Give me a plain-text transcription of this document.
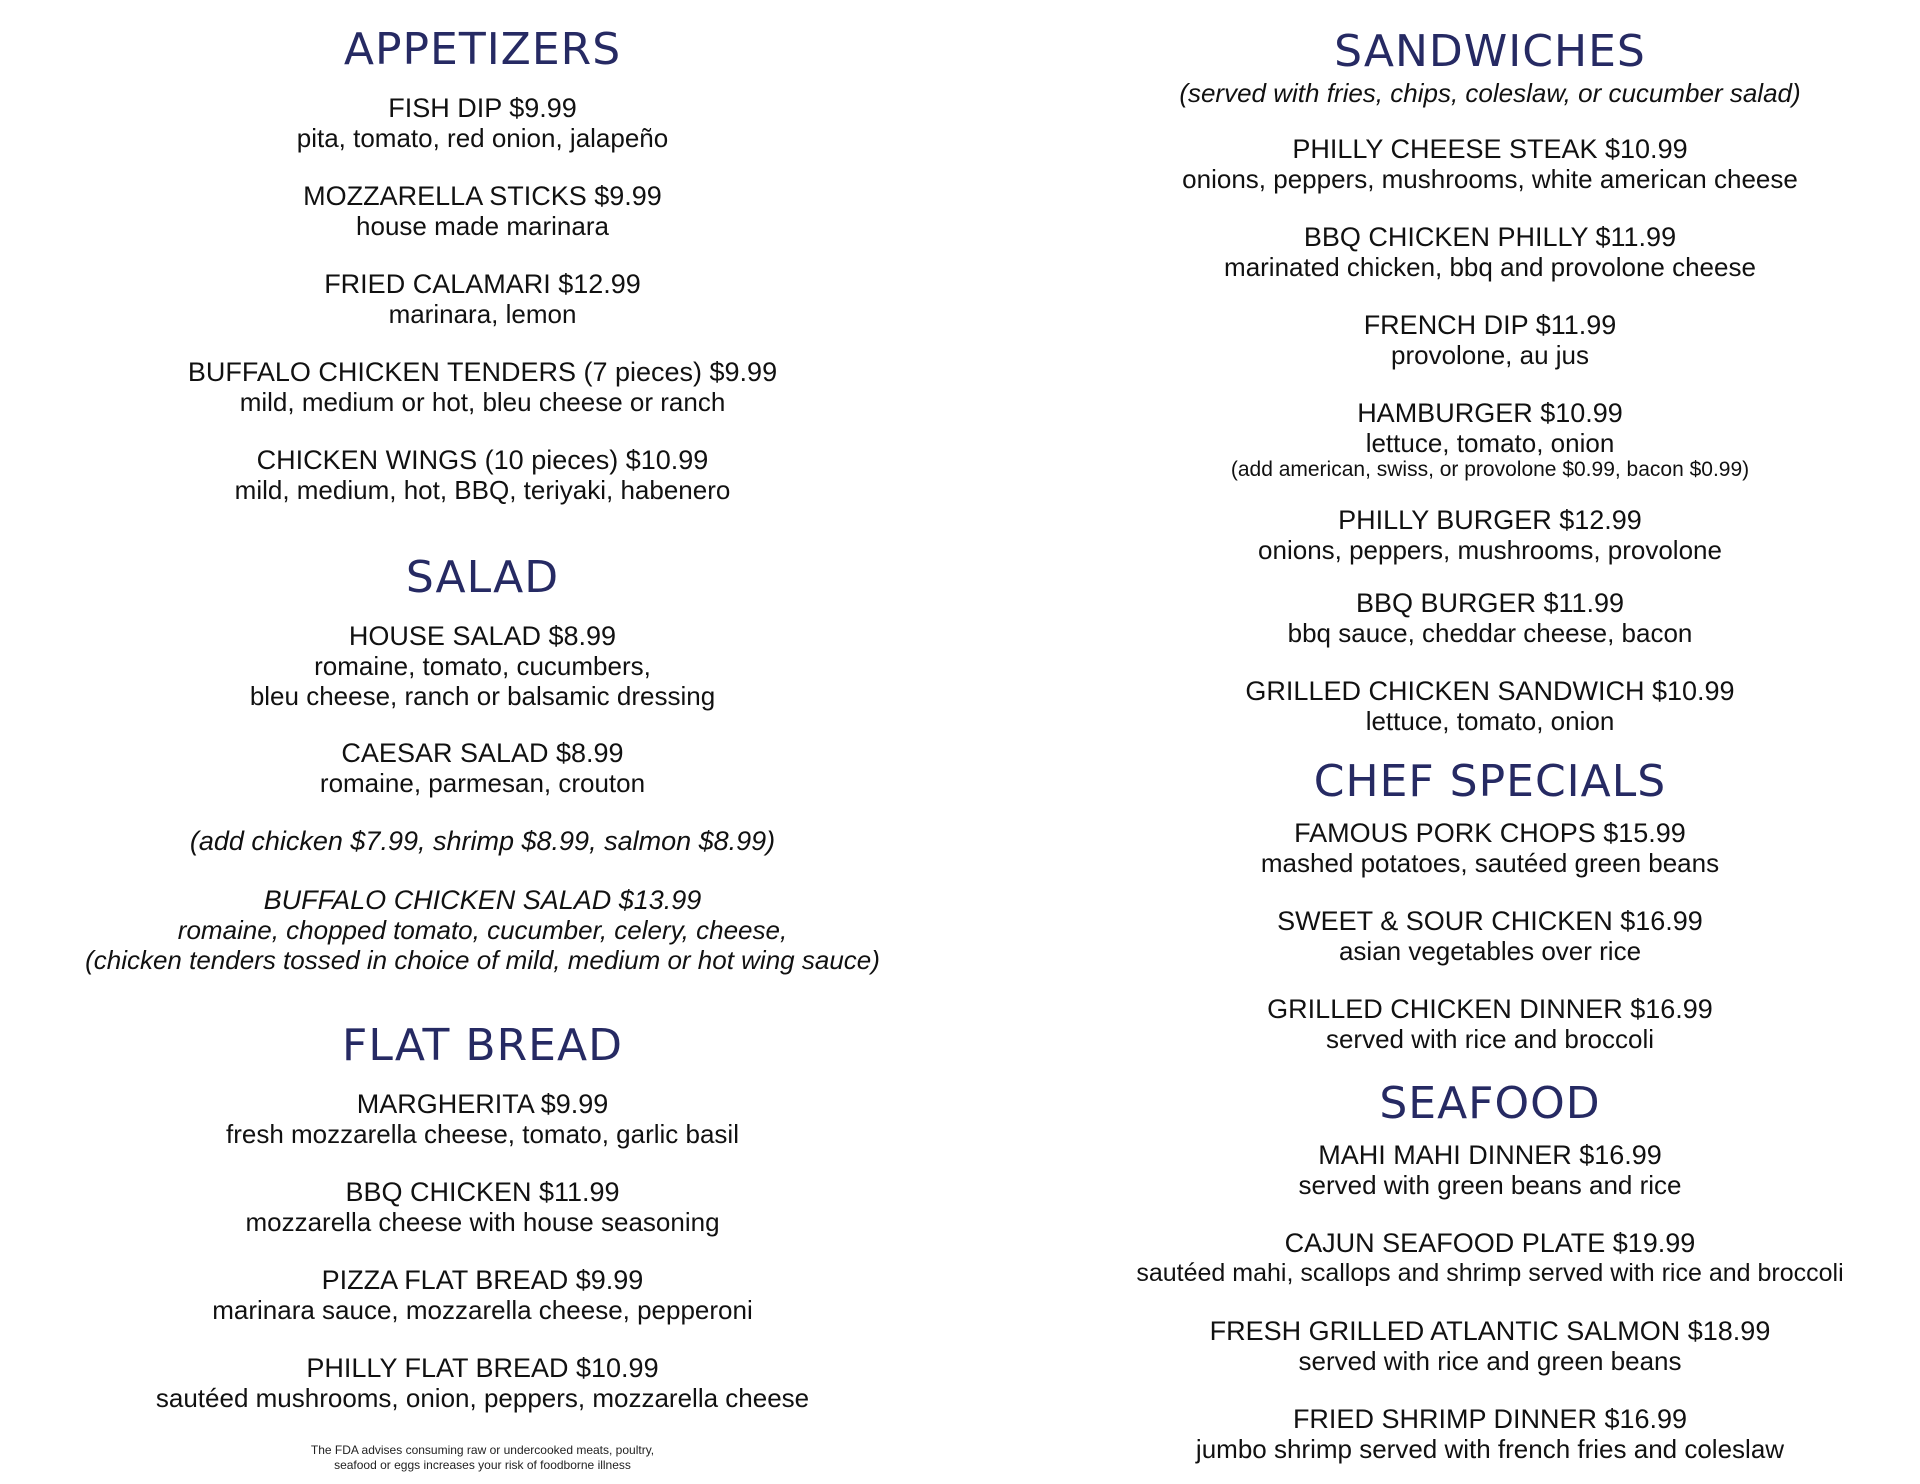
APPETIZERS
FISH DIP $9.99
pita, tomato, red onion, jalapeño
MOZZARELLA STICKS $9.99
house made marinara
FRIED CALAMARI $12.99
marinara, lemon
BUFFALO CHICKEN TENDERS (7 pieces) $9.99
mild, medium or hot, bleu cheese or ranch
CHICKEN WINGS (10 pieces) $10.99
mild, medium, hot, BBQ, teriyaki, habenero
SALAD
HOUSE SALAD $8.99
romaine, tomato, cucumbers,
bleu cheese, ranch or balsamic dressing
CAESAR SALAD $8.99
romaine, parmesan, crouton

(add chicken $7.99, shrimp $8.99, salmon $8.99)

BUFFALO CHICKEN SALAD $13.99
romaine, chopped tomato, cucumber, celery, cheese,
(chicken tenders tossed in choice of mild, medium or hot wing sauce)
FLAT BREAD
MARGHERITA $9.99
fresh mozzarella cheese, tomato, garlic basil
BBQ CHICKEN $11.99
mozzarella cheese with house seasoning
PIZZA FLAT BREAD $9.99
marinara sauce, mozzarella cheese, pepperoni
PHILLY FLAT BREAD $10.99
sautéed mushrooms, onion, peppers, mozzarella cheese

The FDA advises consuming raw or undercooked meats, poultry,

seafood or eggs increases your risk of foodborne illness

SANDWICHES

(served with fries, chips, coleslaw, or cucumber salad)

PHILLY CHEESE STEAK $10.99
onions, peppers, mushrooms, white american cheese
BBQ CHICKEN PHILLY $11.99
marinated chicken, bbq and provolone cheese
FRENCH DIP $11.99
provolone, au jus
HAMBURGER $10.99
lettuce, tomato, onion
(add american, swiss, or provolone $0.99, bacon $0.99)
PHILLY BURGER $12.99
onions, peppers, mushrooms, provolone
BBQ BURGER $11.99
bbq sauce, cheddar cheese, bacon
GRILLED CHICKEN SANDWICH $10.99
lettuce, tomato, onion
CHEF SPECIALS
FAMOUS PORK CHOPS $15.99
mashed potatoes, sautéed green beans
SWEET & SOUR CHICKEN $16.99
asian vegetables over rice
GRILLED CHICKEN DINNER $16.99
served with rice and broccoli
SEAFOOD
MAHI MAHI DINNER $16.99
served with green beans and rice
CAJUN SEAFOOD PLATE $19.99
sautéed mahi, scallops and shrimp served with rice and broccoli
FRESH GRILLED ATLANTIC SALMON $18.99
served with rice and green beans
FRIED SHRIMP DINNER $16.99
jumbo shrimp served with french fries and coleslaw
